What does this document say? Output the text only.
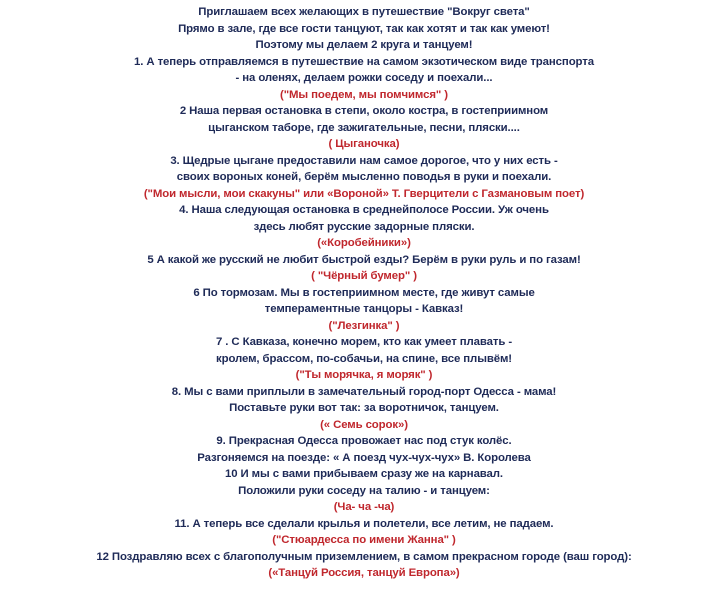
Приглашаем всех желающих в путешествие "Вокруг света"
Прямо в зале, где все гости танцуют, так как хотят и так как умеют!
Поэтому мы делаем 2 круга и танцуем!
1. А теперь отправляемся в путешествие на самом экзотическом виде транспорта
- на оленях, делаем рожки соседу и поехали...
("Мы поедем, мы помчимся" )
2 Наша первая остановка в степи, около костра, в гостеприимном
цыганском таборе, где зажигательные, песни, пляски....
( Цыганочка)
3. Щедрые цыгане предоставили нам самое дорогое, что у них есть -
своих вороных коней, берём мысленно поводья в руки и поехали.
("Мои мысли, мои скакуны" или «Вороной» Т. Гверцители с Газмановым поет)
4. Наша следующая остановка в среднейполосе России. Уж очень
здесь любят русские задорные пляски.
(«Коробейники»)
5 А какой же русский не любит быстрой езды? Берём в руки руль и по газам!
( "Чёрный бумер" )
6 По тормозам. Мы в гостеприимном месте, где живут самые
темпераментные танцоры - Кавказ!
("Лезгинка" )
7 . С Кавказа, конечно морем, кто как умеет плавать -
кролем, брассом, по-собачьи, на спине, все плывём!
("Ты морячка, я моряк" )
8. Мы с вами приплыли в замечательный город-порт Одесса - мама!
Поставьте руки вот так: за воротничок, танцуем.
(« Семь сорок»)
9. Прекрасная Одесса провожает нас под стук колёс.
Разгоняемся на поезде: « А поезд чух-чух-чух» В. Королева
10 И мы с вами прибываем сразу же на карнавал.
Положили руки соседу на талию - и танцуем:
(Ча- ча -ча)
11. А теперь все сделали крылья и полетели, все летим, не падаем.
("Стюардесса по имени Жанна" )
12 Поздравляю всех с благополучным приземлением, в самом прекрасном городе (ваш город):
(«Танцуй Россия, танцуй Европа»)
